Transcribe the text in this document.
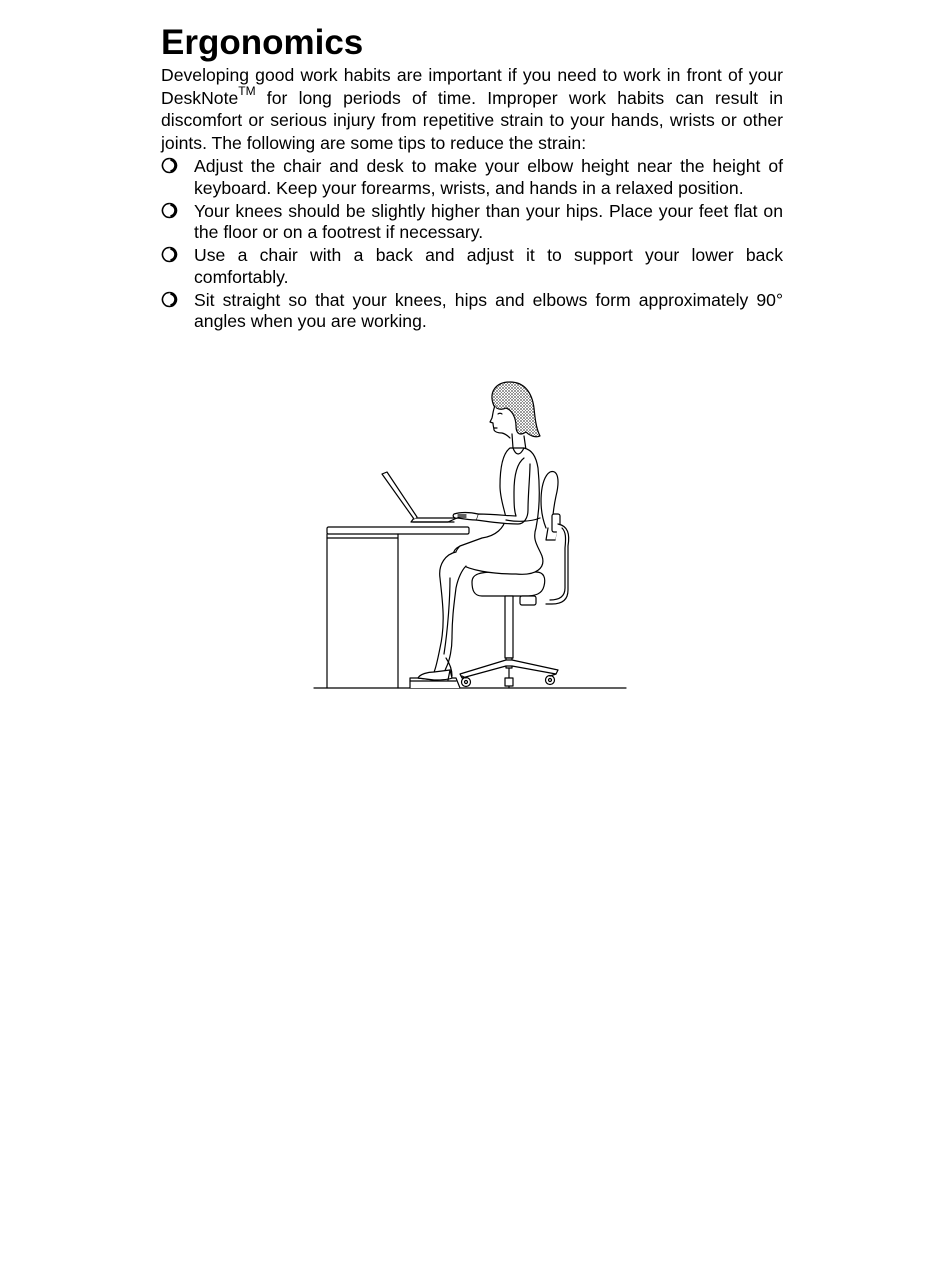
Ergonomics

Developing good work habits are important if you need to work in front of your DeskNote™ for long periods of time. Improper work habits can result in discomfort or serious injury from repetitive strain to your hands, wrists or other joints. The following are some tips to reduce the strain:

Adjust the chair and desk to make your elbow height near the height of keyboard. Keep your forearms, wrists, and hands in a relaxed position.
Your knees should be slightly higher than your hips. Place your feet flat on the floor or on a footrest if necessary.
Use a chair with a back and adjust it to support your lower back comfortably.
Sit straight so that your knees, hips and elbows form approximately 90° angles when you are working.
